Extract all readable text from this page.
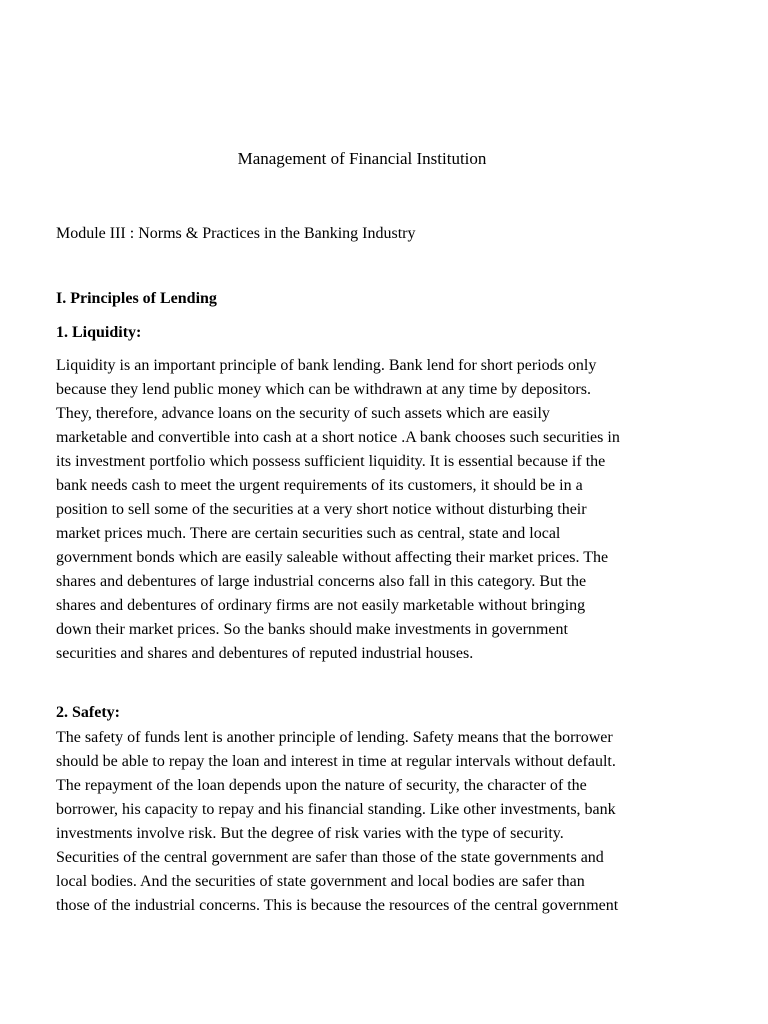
Management of Financial Institution

Module III : Norms & Practices in the Banking Industry

I. Principles of Lending
1. Liquidity:
Liquidity is an important principle of bank lending. Bank lend for short periods only
because they lend public money which can be withdrawn at any time by depositors.
They, therefore, advance loans on the security of such assets which are easily
marketable and convertible into cash at a short notice .A bank chooses such securities in
its investment portfolio which possess sufficient liquidity. It is essential because if the
bank needs cash to meet the urgent requirements of its customers, it should be in a
position to sell some of the securities at a very short notice without disturbing their
market prices much. There are certain securities such as central, state and local
government bonds which are easily saleable without affecting their market prices. The
shares and debentures of large industrial concerns also fall in this category. But the
shares and debentures of ordinary firms are not easily marketable without bringing
down their market prices. So the banks should make investments in government
securities and shares and debentures of reputed industrial houses.
2. Safety:
The safety of funds lent is another principle of lending. Safety means that the borrower
should be able to repay the loan and interest in time at regular intervals without default.
The repayment of the loan depends upon the nature of security, the character of the
borrower, his capacity to repay and his financial standing. Like other investments, bank
investments involve risk. But the degree of risk varies with the type of security.
Securities of the central government are safer than those of the state governments and
local bodies. And the securities of state government and local bodies are safer than
those of the industrial concerns. This is because the resources of the central government
